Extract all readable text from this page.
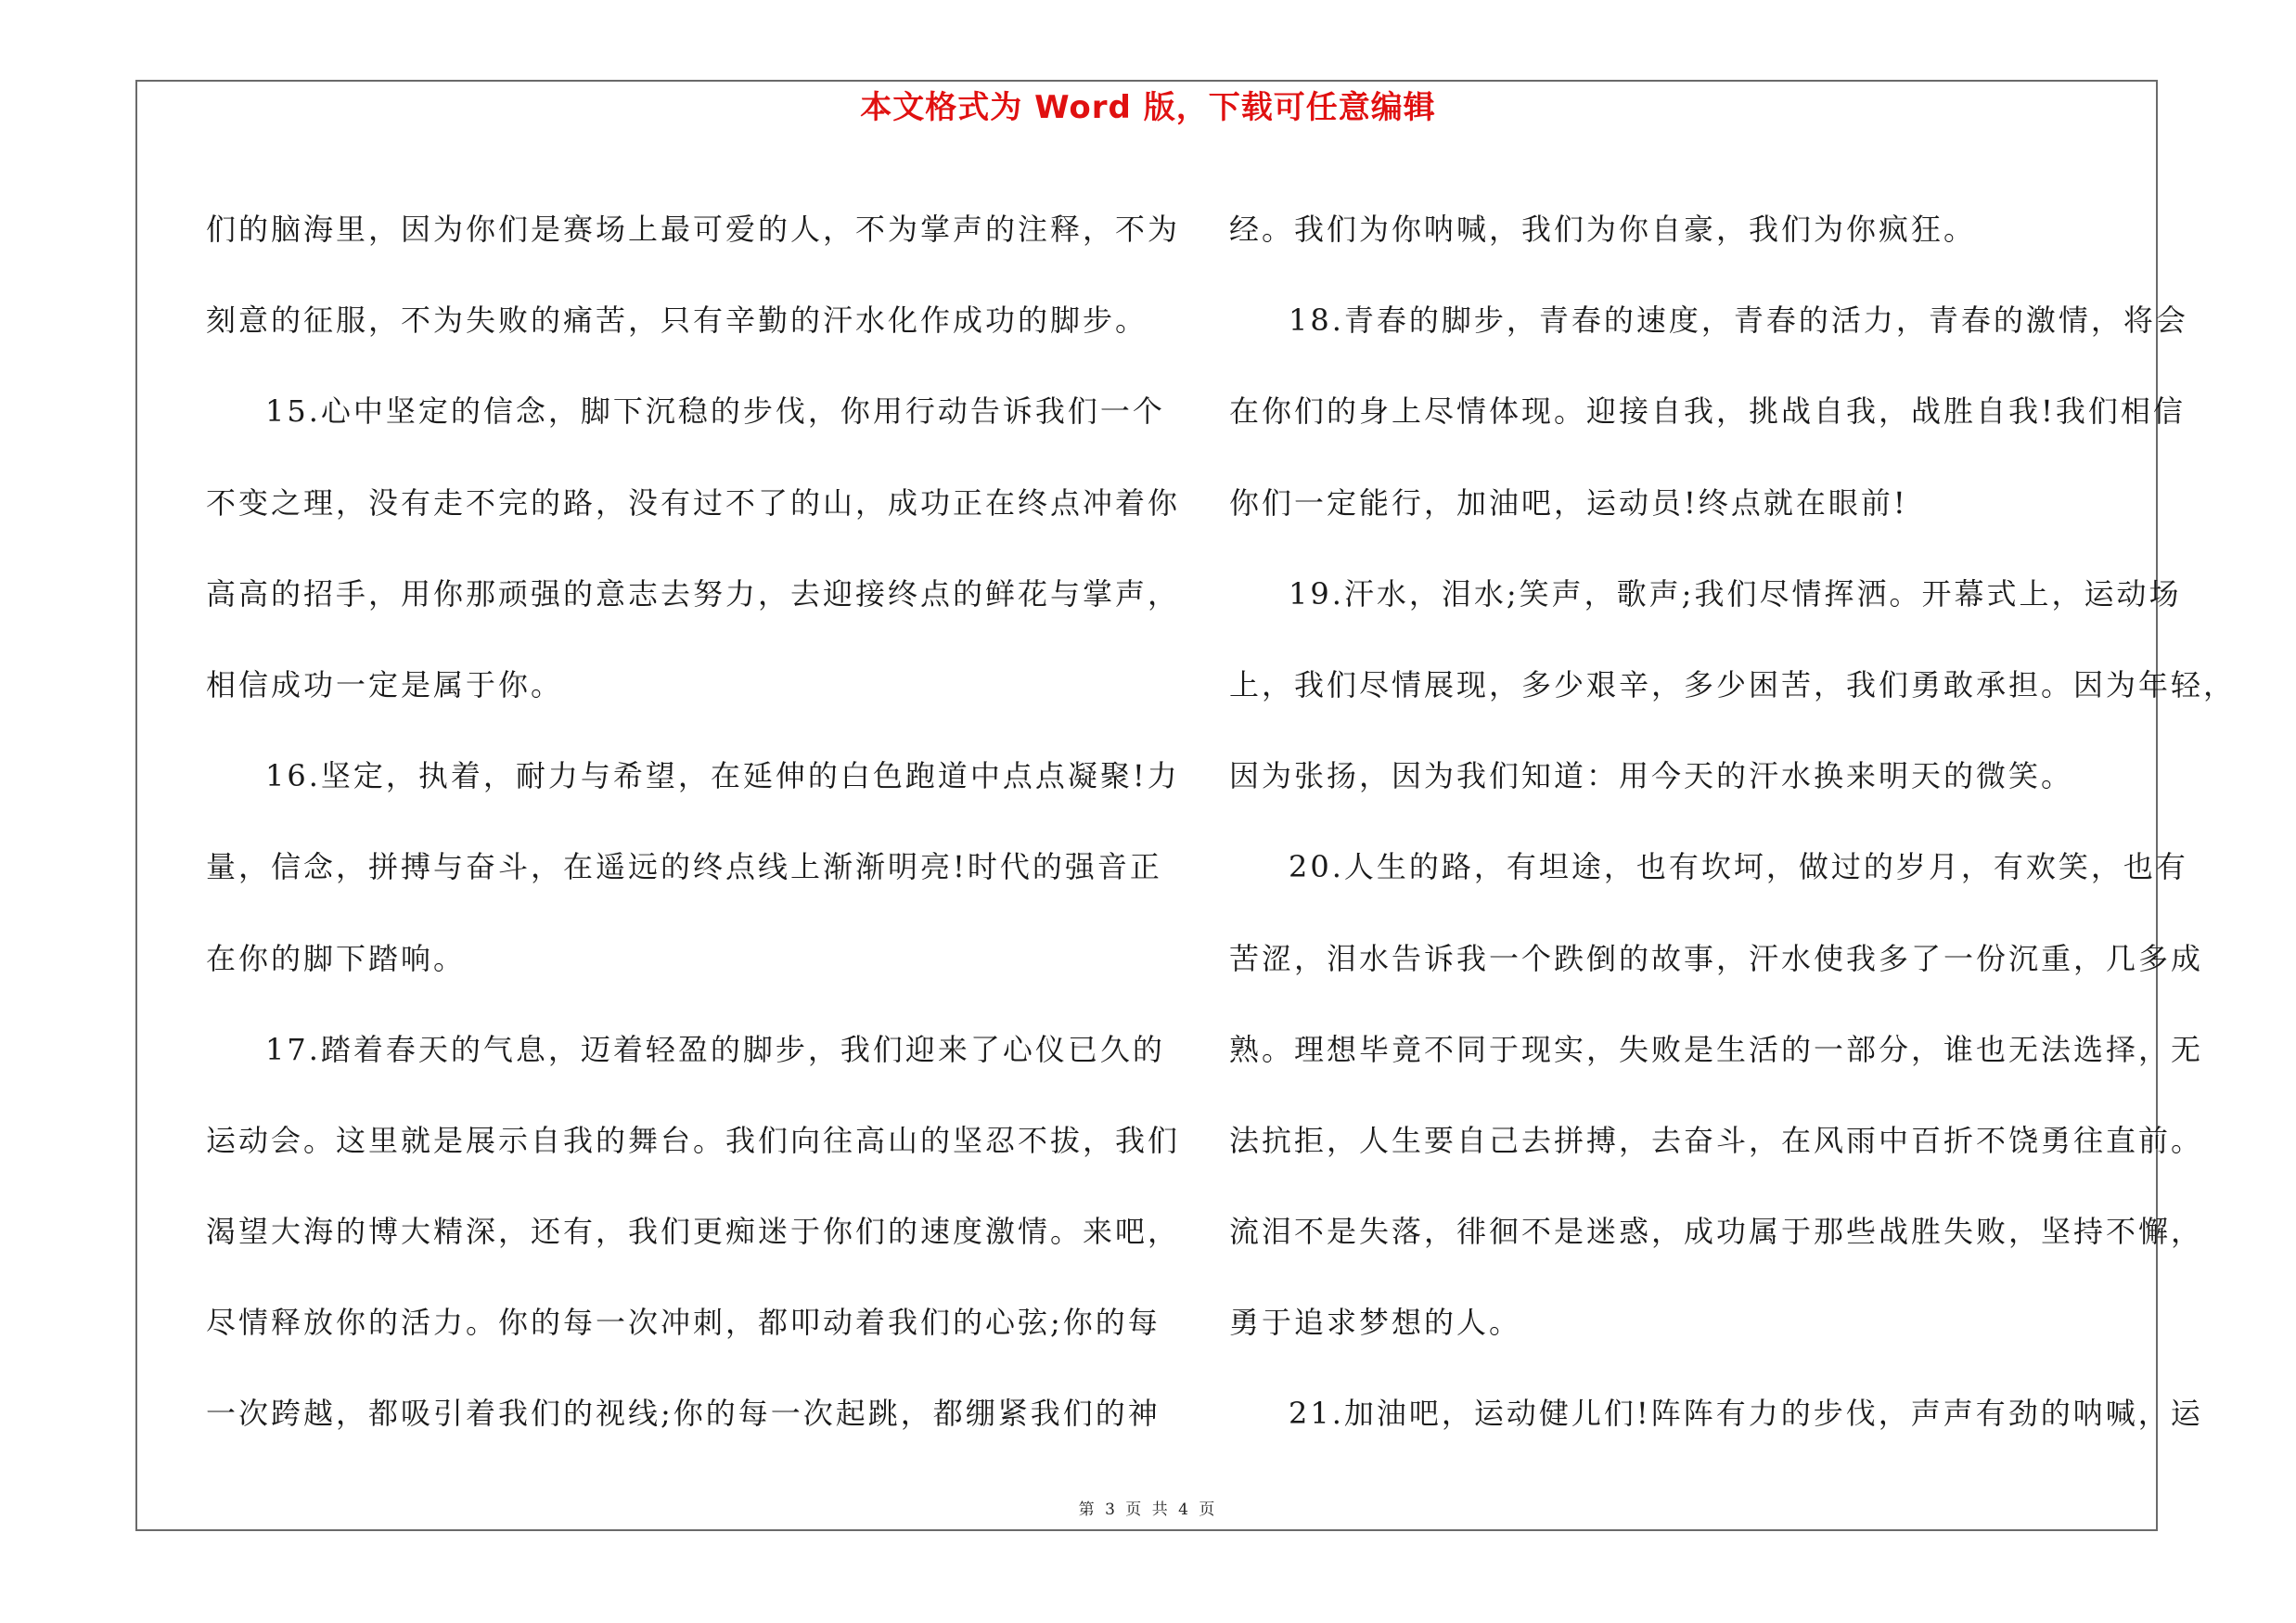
本文格式为 Word 版，下载可任意编辑
们的脑海里，因为你们是赛场上最可爱的人，不为掌声的注释，不为
刻意的征服，不为失败的痛苦，只有辛勤的汗水化作成功的脚步。
15.心中坚定的信念，脚下沉稳的步伐，你用行动告诉我们一个
不变之理，没有走不完的路，没有过不了的山，成功正在终点冲着你
高高的招手，用你那顽强的意志去努力，去迎接终点的鲜花与掌声，
相信成功一定是属于你。
16.坚定，执着，耐力与希望，在延伸的白色跑道中点点凝聚!力
量，信念，拼搏与奋斗，在遥远的终点线上渐渐明亮!时代的强音正
在你的脚下踏响。
17.踏着春天的气息，迈着轻盈的脚步，我们迎来了心仪已久的
运动会。这里就是展示自我的舞台。我们向往高山的坚忍不拔，我们
渴望大海的博大精深，还有，我们更痴迷于你们的速度激情。来吧，
尽情释放你的活力。你的每一次冲刺，都叩动着我们的心弦;你的每
一次跨越，都吸引着我们的视线;你的每一次起跳，都绷紧我们的神
经。我们为你呐喊，我们为你自豪，我们为你疯狂。
18.青春的脚步，青春的速度，青春的活力，青春的激情，将会
在你们的身上尽情体现。迎接自我，挑战自我，战胜自我!我们相信
你们一定能行，加油吧，运动员!终点就在眼前!
19.汗水，泪水;笑声，歌声;我们尽情挥洒。开幕式上，运动场
上，我们尽情展现，多少艰辛，多少困苦，我们勇敢承担。因为年轻，
因为张扬，因为我们知道：用今天的汗水换来明天的微笑。
20.人生的路，有坦途，也有坎坷，做过的岁月，有欢笑，也有
苦涩，泪水告诉我一个跌倒的故事，汗水使我多了一份沉重，几多成
熟。理想毕竟不同于现实，失败是生活的一部分，谁也无法选择，无
法抗拒，人生要自己去拼搏，去奋斗，在风雨中百折不饶勇往直前。
流泪不是失落，徘徊不是迷惑，成功属于那些战胜失败，坚持不懈，
勇于追求梦想的人。
21.加油吧，运动健儿们!阵阵有力的步伐，声声有劲的呐喊，运
第 3 页 共 4 页
